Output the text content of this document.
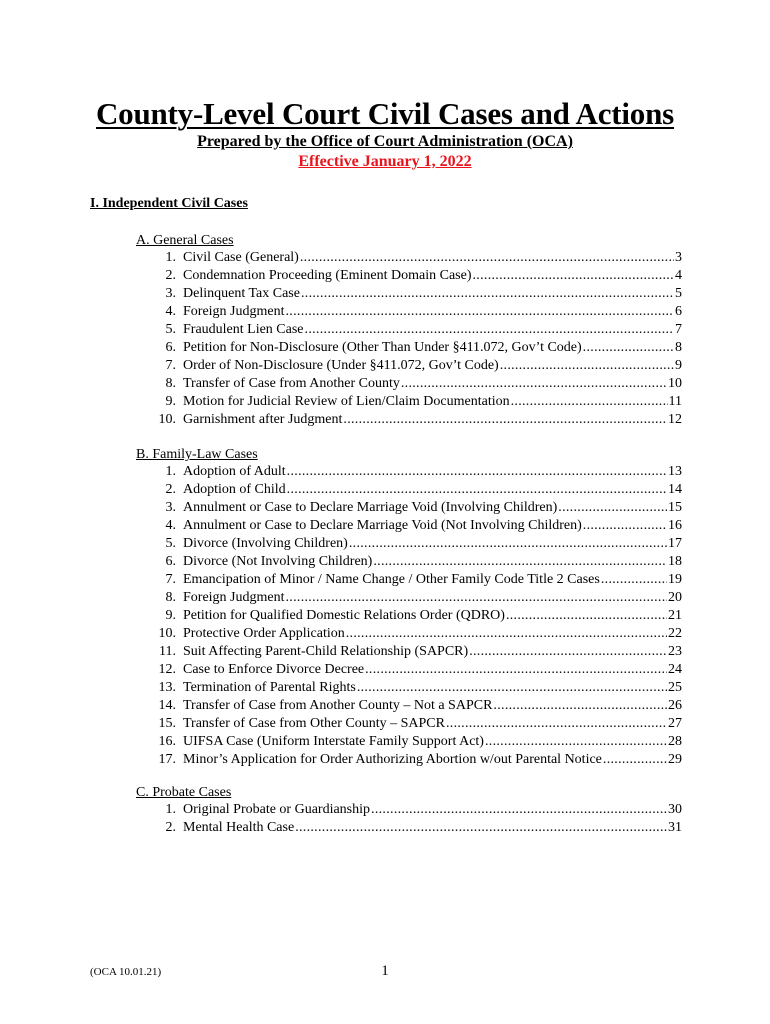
County-Level Court Civil Cases and Actions
Prepared by the Office of Court Administration (OCA)
Effective January 1, 2022
I. Independent Civil Cases
A. General Cases
1. Civil Case (General) .....	3
2. Condemnation Proceeding (Eminent Domain Case) .....	4
3. Delinquent Tax Case .....	5
4. Foreign Judgment .....	6
5. Fraudulent Lien Case .....	7
6. Petition for Non-Disclosure (Other Than Under §411.072, Gov’t Code) .....	8
7. Order of Non-Disclosure (Under §411.072, Gov’t Code) .....	9
8. Transfer of Case from Another County .....	10
9. Motion for Judicial Review of Lien/Claim Documentation .....	11
10. Garnishment after Judgment .....	12
B. Family-Law Cases
1. Adoption of Adult .....	13
2. Adoption of Child .....	14
3. Annulment or Case to Declare Marriage Void (Involving Children) .....	15
4. Annulment or Case to Declare Marriage Void (Not Involving Children) .....	16
5. Divorce (Involving Children) .....	17
6. Divorce (Not Involving Children) .....	18
7. Emancipation of Minor / Name Change / Other Family Code Title 2 Cases .....	19
8. Foreign Judgment .....	20
9. Petition for Qualified Domestic Relations Order (QDRO) .....	21
10. Protective Order Application .....	22
11. Suit Affecting Parent-Child Relationship (SAPCR) .....	23
12. Case to Enforce Divorce Decree .....	24
13. Termination of Parental Rights .....	25
14. Transfer of Case from Another County – Not a SAPCR .....	26
15. Transfer of Case from Other County – SAPCR .....	27
16. UIFSA Case (Uniform Interstate Family Support Act) .....	28
17. Minor’s Application for Order Authorizing Abortion w/out Parental Notice .....	29
C. Probate Cases
1. Original Probate or Guardianship .....	30
2. Mental Health Case .....	31
(OCA 10.01.21)	1
